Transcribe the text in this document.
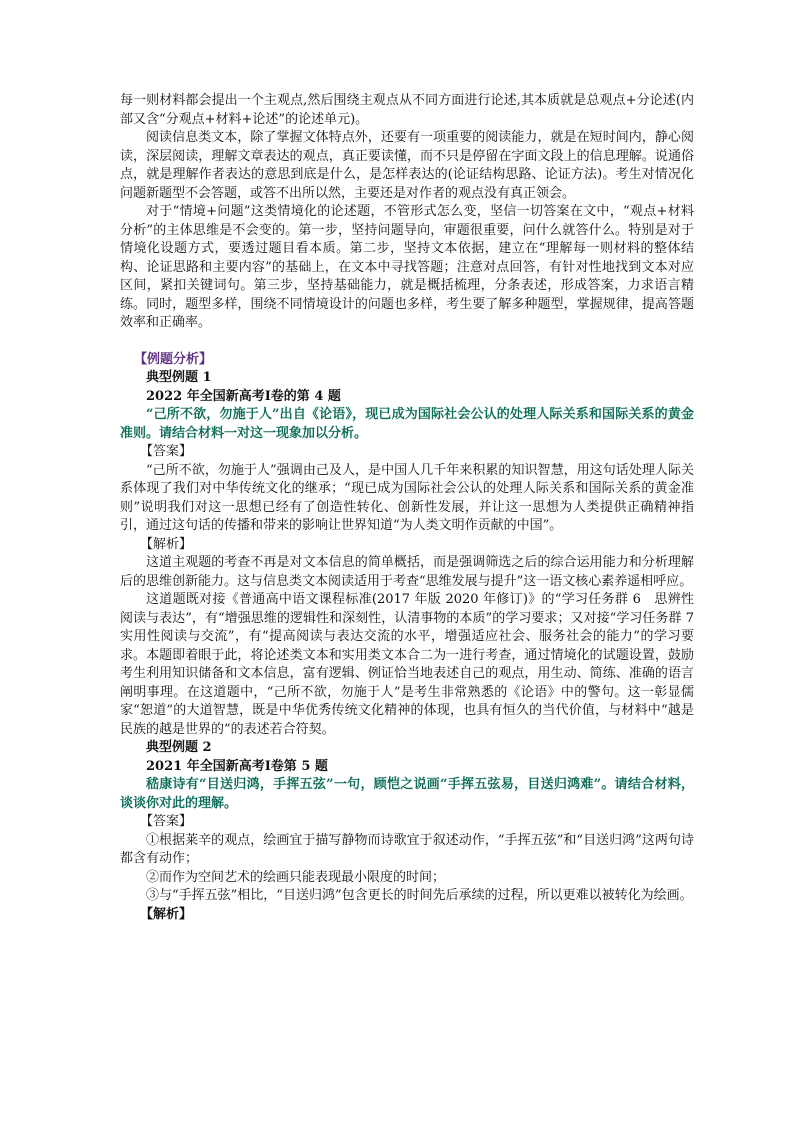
每一则材料都会提出一个主观点,然后围绕主观点从不同方面进行论述,其本质就是总观点+分论述(内部又含“分观点+材料+论述”的论述单元)。

阅读信息类文本，除了掌握文体特点外，还要有一项重要的阅读能力，就是在短时间内，静心阅读，深层阅读，理解文章表达的观点，真正要读懂，而不只是停留在字面文段上的信息理解。说通俗点，就是理解作者表达的意思到底是什么，是怎样表达的(论证结构思路、论证方法)。考生对情况化问题新题型不会答题，或答不出所以然，主要还是对作者的观点没有真正领会。

对于“情境+问题”这类情境化的论述题，不管形式怎么变，坚信一切答案在文中，“观点+材料分析”的主体思维是不会变的。第一步，坚持问题导向，审题很重要，问什么就答什么。特别是对于情境化设题方式，要透过题目看本质。第二步，坚持文本依据，建立在“理解每一则材料的整体结构、论证思路和主要内容”的基础上，在文本中寻找答题；注意对点回答，有针对性地找到文本对应区间，紧扣关键词句。第三步，坚持基础能力，就是概括梳理，分条表述，形成答案，力求语言精练。同时，题型多样，围绕不同情境设计的问题也多样，考生要了解多种题型，掌握规律，提高答题效率和正确率。

【例题分析】

典型例题 1

2022 年全国新高考Ⅰ卷的第 4 题

“己所不欲，勿施于人”出自《论语》，现已成为国际社会公认的处理人际关系和国际关系的黄金准则。请结合材料一对这一现象加以分析。

【答案】

“己所不欲，勿施于人”强调由己及人，是中国人几千年来积累的知识智慧，用这句话处理人际关系体现了我们对中华传统文化的继承；“现已成为国际社会公认的处理人际关系和国际关系的黄金准则”说明我们对这一思想已经有了创造性转化、创新性发展，并让这一思想为人类提供正确精神指引，通过这句话的传播和带来的影响让世界知道“为人类文明作贡献的中国”。

【解析】

这道主观题的考查不再是对文本信息的简单概括，而是强调筛选之后的综合运用能力和分析理解后的思维创新能力。这与信息类文本阅读适用于考查“思维发展与提升”这一语文核心素养遥相呼应。

这道题既对接《普通高中语文课程标准(2017 年版 2020 年修订)》的“学习任务群 6　思辨性阅读与表达”，有“增强思维的逻辑性和深刻性，认清事物的本质”的学习要求；又对接“学习任务群 7 实用性阅读与交流”，有“提高阅读与表达交流的水平，增强适应社会、服务社会的能力”的学习要求。本题即着眼于此，将论述类文本和实用类文本合二为一进行考查，通过情境化的试题设置，鼓励考生利用知识储备和文本信息，富有逻辑、例证恰当地表述自己的观点，用生动、简练、准确的语言阐明事理。在这道题中，“己所不欲，勿施于人”是考生非常熟悉的《论语》中的警句。这一彰显儒家“恕道”的大道智慧，既是中华优秀传统文化精神的体现，也具有恒久的当代价值，与材料中“越是民族的越是世界的”的表述若合符契。

典型例题 2

2021 年全国新高考Ⅰ卷第 5 题

嵇康诗有“目送归鸿，手挥五弦”一句，顾恺之说画“手挥五弦易，目送归鸿难”。请结合材料，谈谈你对此的理解。

【答案】

①根据莱辛的观点，绘画宜于描写静物而诗歌宜于叙述动作，“手挥五弦”和“目送归鸿”这两句诗都含有动作；

②而作为空间艺术的绘画只能表现最小限度的时间；

③与“手挥五弦”相比，“目送归鸿”包含更长的时间先后承续的过程，所以更难以被转化为绘画。

【解析】
